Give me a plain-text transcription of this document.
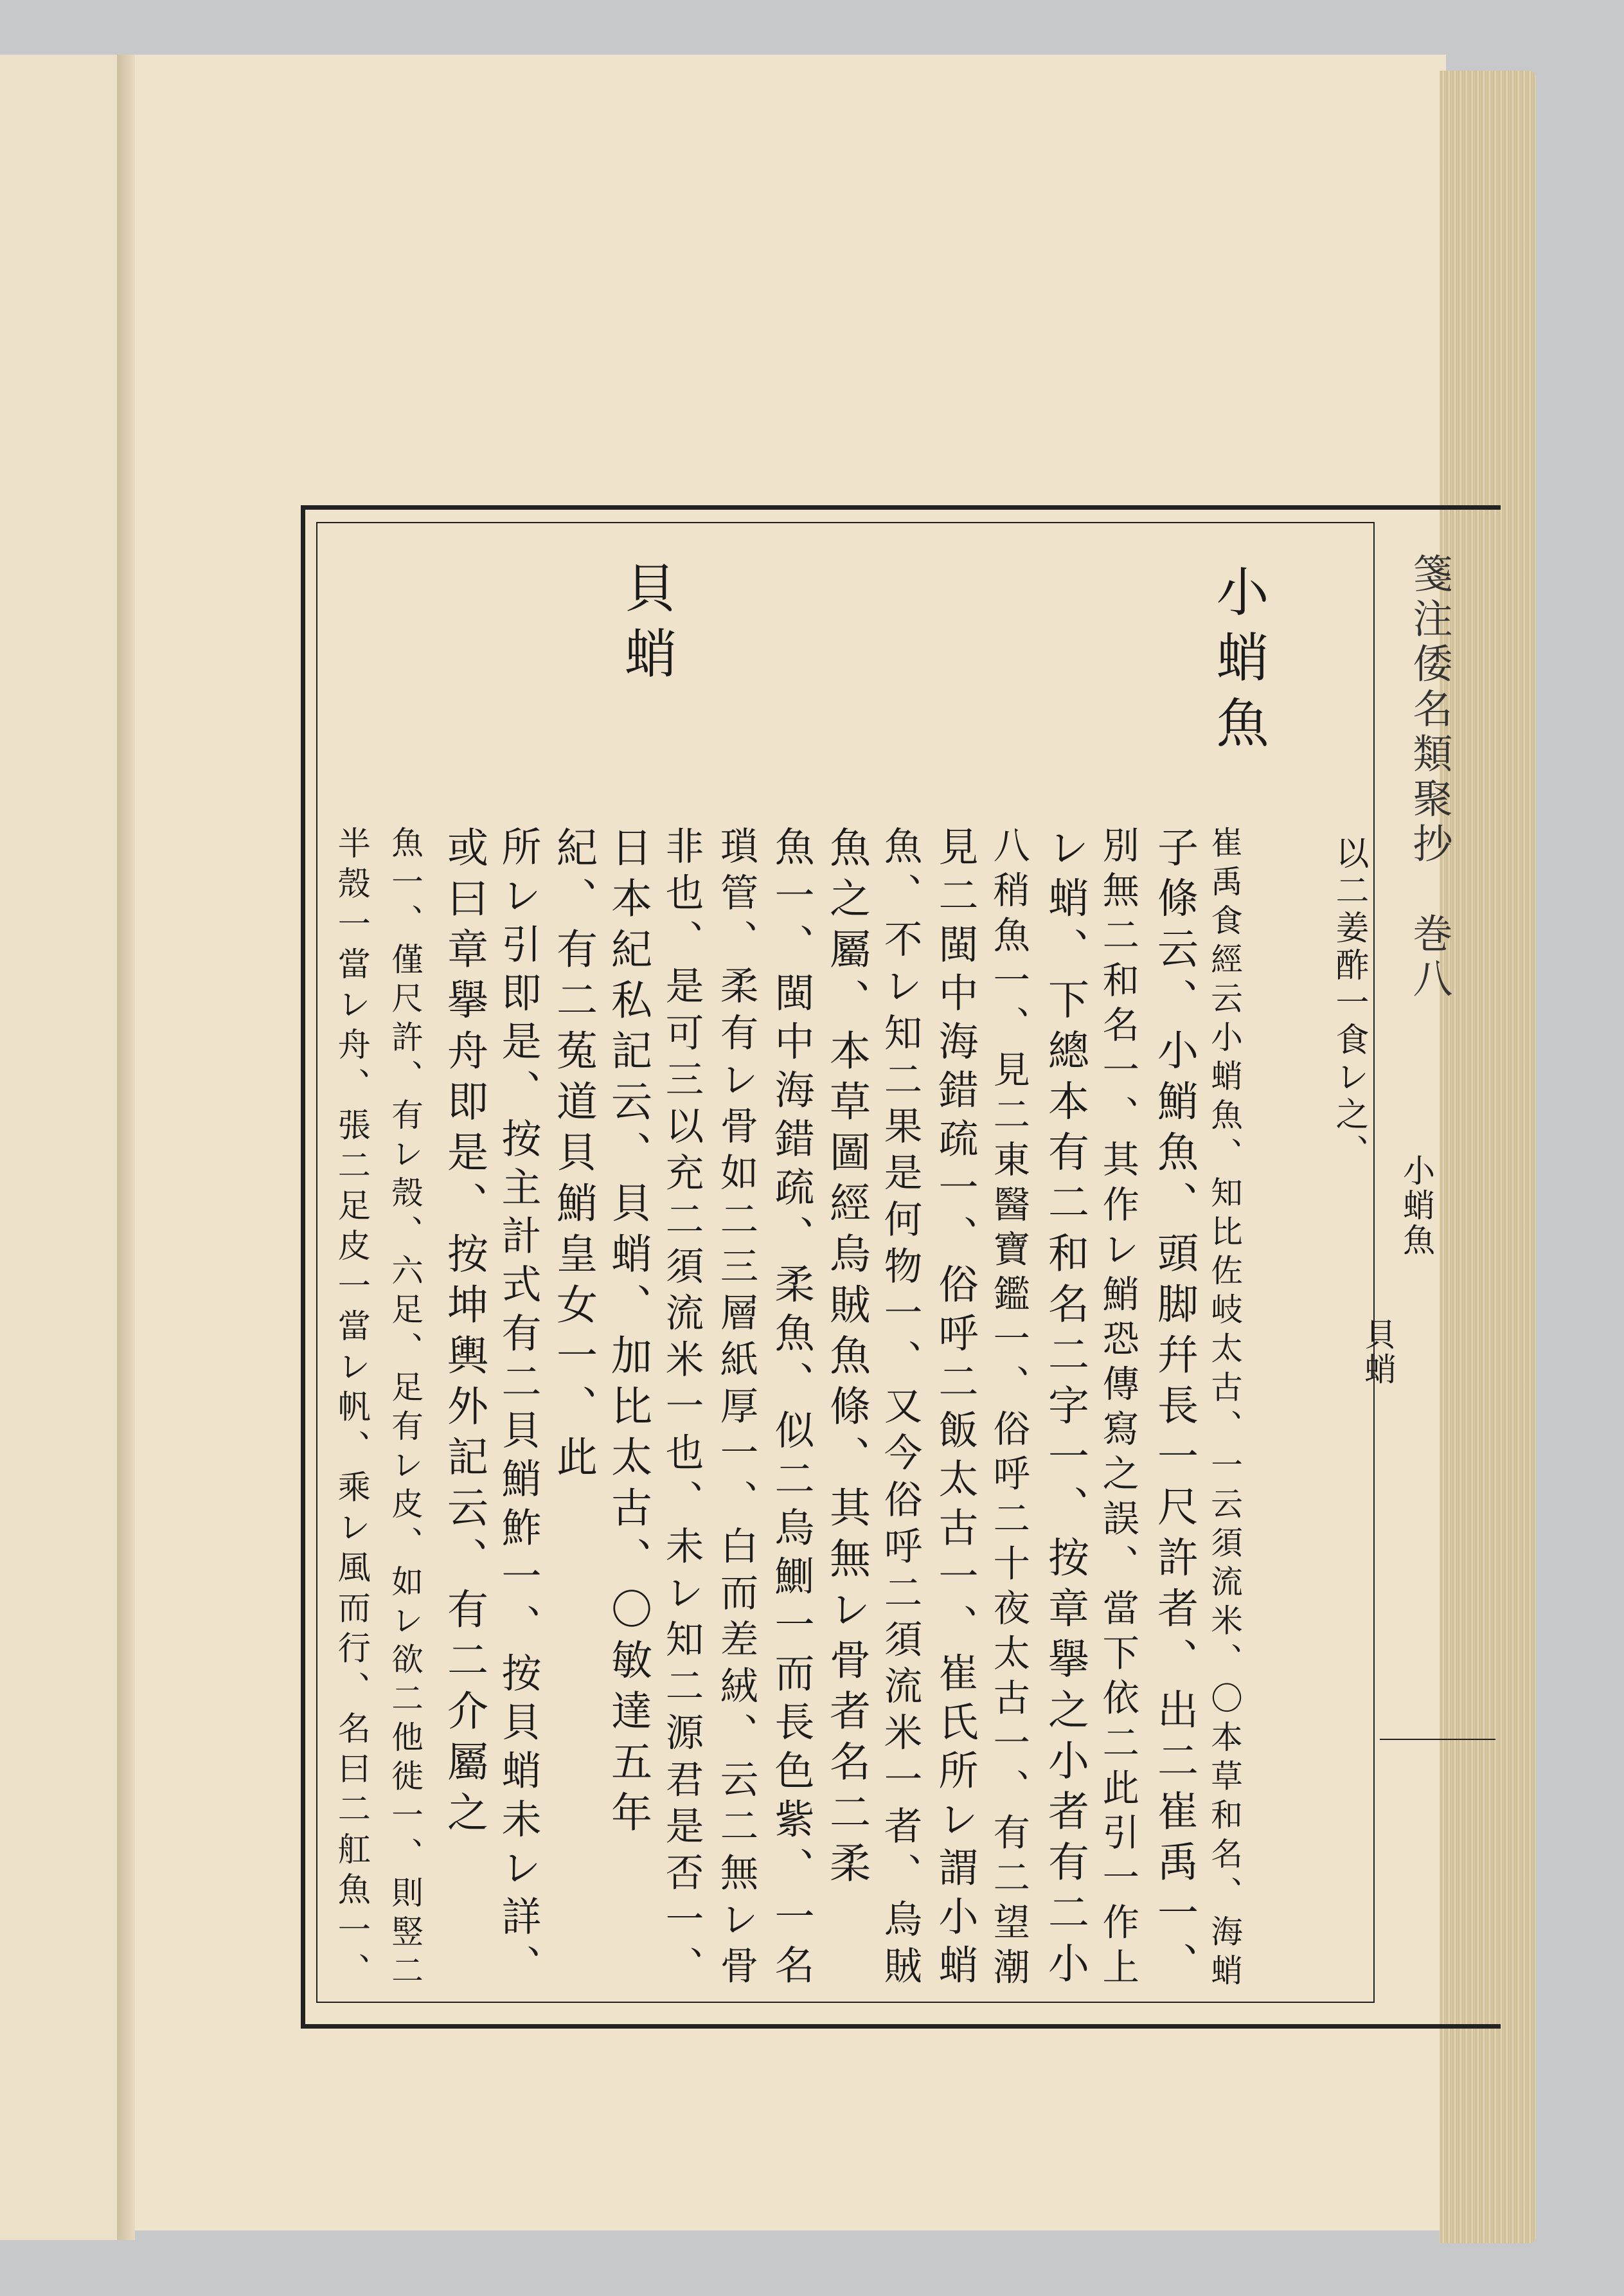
箋注倭名類聚抄　巻八
小蛸魚
貝蛸
小蛸魚
以二姜酢一食レ之、
崔禹食經云小蛸魚、知比佐岐太古、一云須流米、〇本草和名、海蛸
子條云、小鮹魚、頭脚幷長一尺許者、出二崔禹一、
別無二和名一、其作レ鮹恐傳寫之誤、當下依二此引一作上
レ蛸、下總本有二和名二字一、按章擧之小者有二小
八稍魚一、見二東醫寶鑑一、俗呼二十夜太古一、有二望潮
見二閩中海錯疏一、俗呼二飯太古一、崔氏所レ謂小蛸
魚、不レ知二果是何物一、又今俗呼二須流米一者、烏賊
魚之屬、本草圖經烏賊魚條、其無レ骨者名二柔
魚一、閩中海錯疏、柔魚、似二烏鰂一而長色紫、一名
瑣管、柔有レ骨如二三層紙厚一、白而差絨、云二無レ骨
非也、是可三以充二須流米一也、未レ知二源君是否一、
貝蛸
日本紀私記云、貝蛸、加比太古、〇敏達五年
紀、有二菟道貝鮹皇女一、此
所レ引即是、按主計式有二貝鮹鮓一、按貝蛸未レ詳、
或曰章擧舟即是、按坤輿外記云、有二介屬之
魚一、僅尺許、有レ殼、六足、足有レ皮、如レ欲二他徙一、則竪二
半殼一當レ舟、張二足皮一當レ帆、乘レ風而行、名曰二舡魚一、
